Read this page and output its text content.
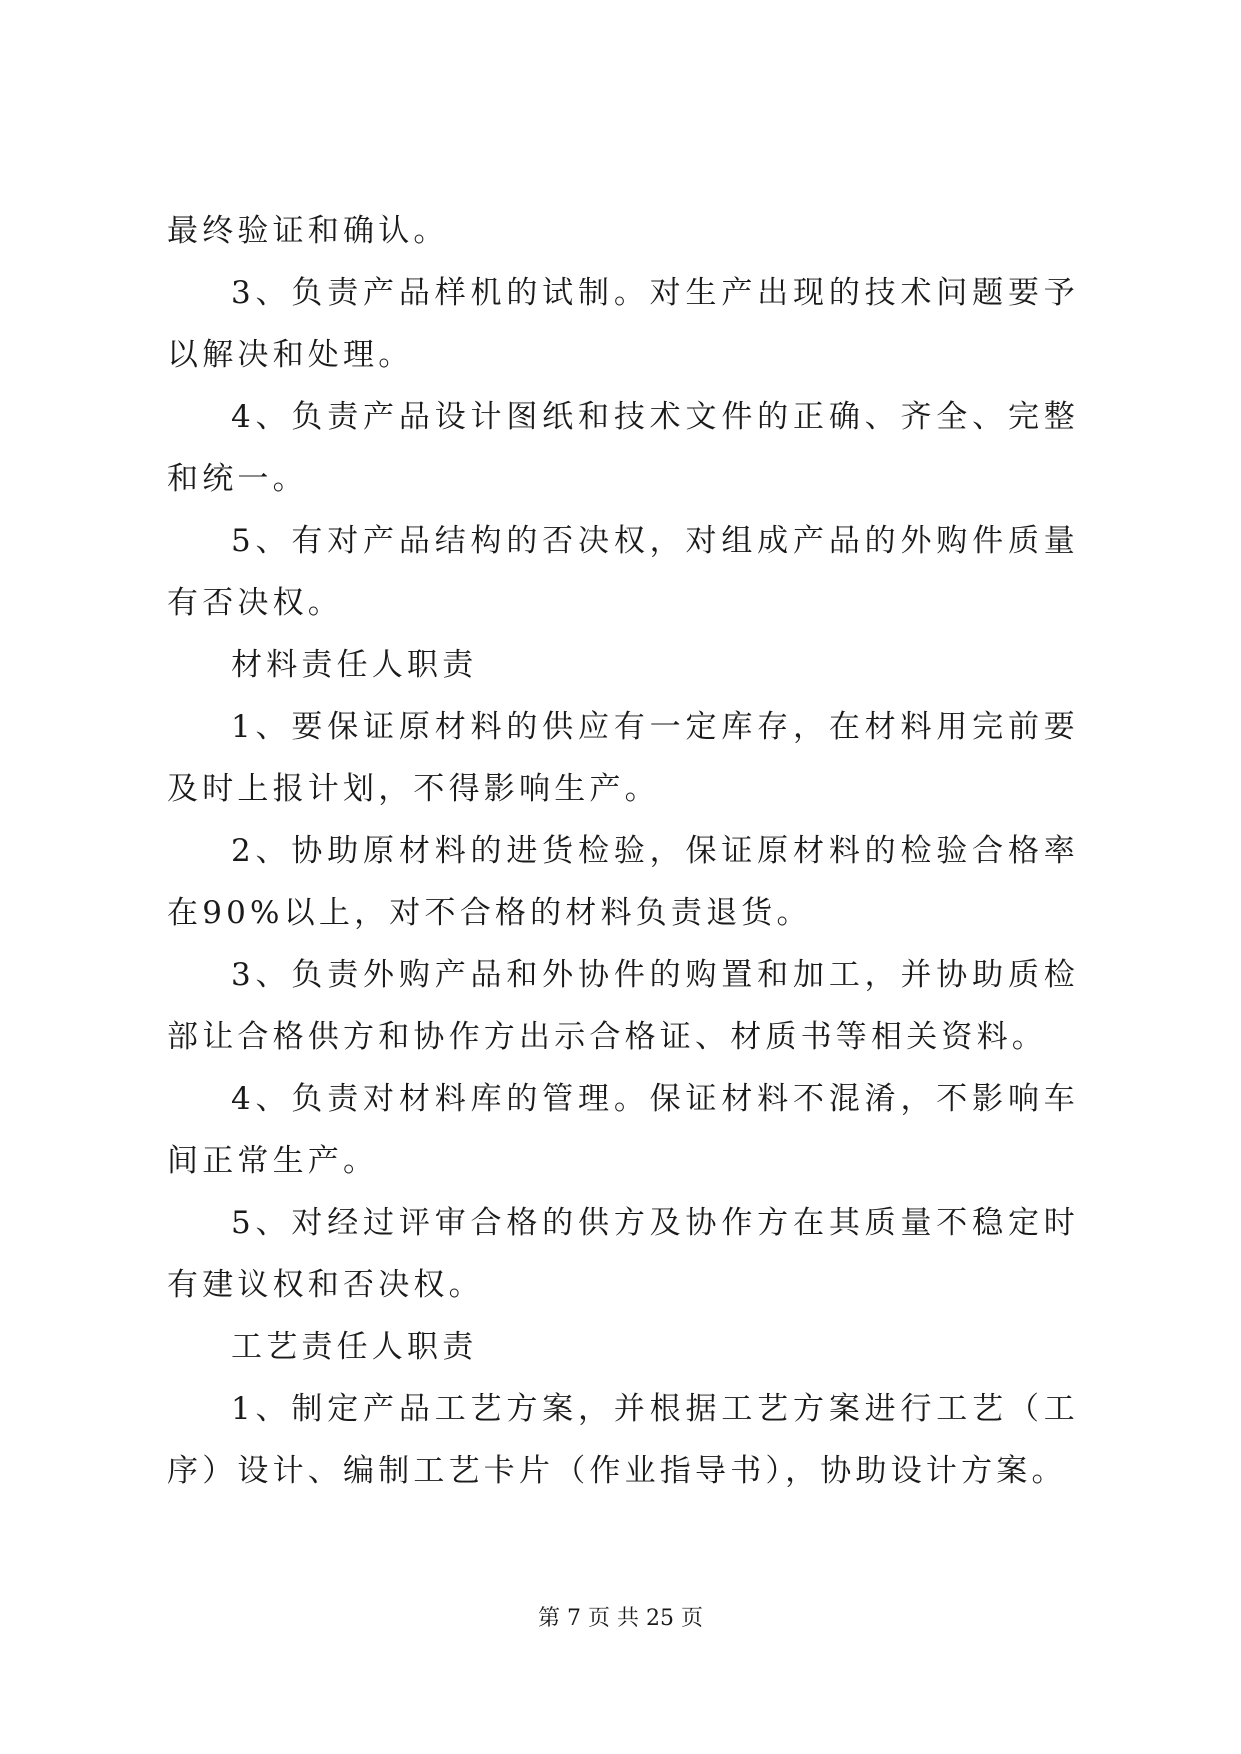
最终验证和确认。

3、负责产品样机的试制。对生产出现的技术问题要予以解决和处理。

4、负责产品设计图纸和技术文件的正确、齐全、完整和统一。

5、有对产品结构的否决权，对组成产品的外购件质量有否决权。

材料责任人职责

1、要保证原材料的供应有一定库存，在材料用完前要及时上报计划，不得影响生产。

2、协助原材料的进货检验，保证原材料的检验合格率在90%以上，对不合格的材料负责退货。

3、负责外购产品和外协件的购置和加工，并协助质检部让合格供方和协作方出示合格证、材质书等相关资料。

4、负责对材料库的管理。保证材料不混淆，不影响车间正常生产。

5、对经过评审合格的供方及协作方在其质量不稳定时有建议权和否决权。

工艺责任人职责

1、制定产品工艺方案，并根据工艺方案进行工艺（工序）设计、编制工艺卡片（作业指导书），协助设计方案。

第 7 页 共 25 页
